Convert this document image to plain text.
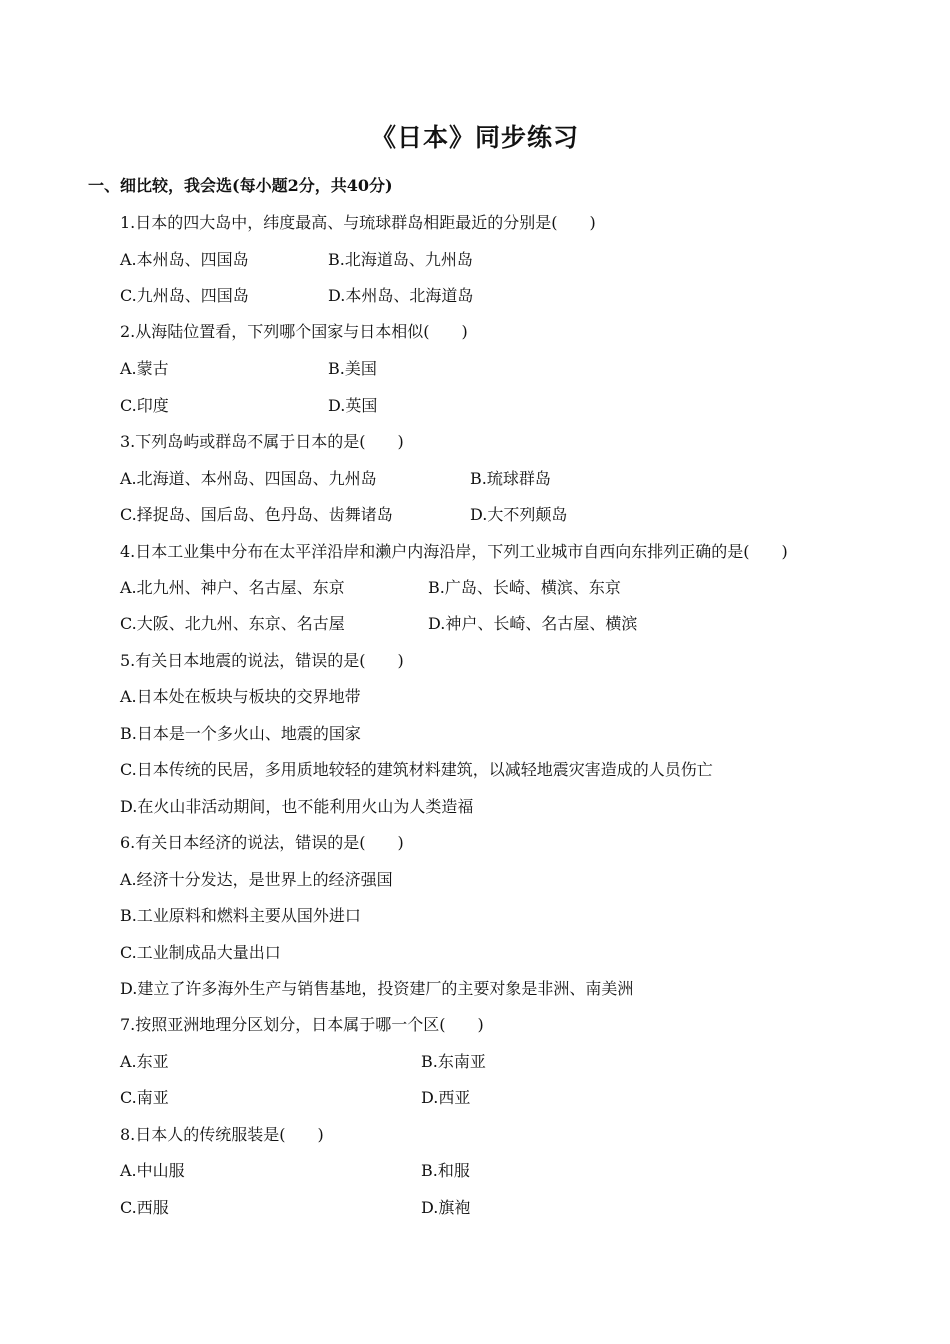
《日本》同步练习
一、细比较，我会选(每小题2分，共40分)
1.日本的四大岛中，纬度最高、与琉球群岛相距最近的分别是(　　)
A.本州岛、四国岛	B.北海道岛、九州岛
C.九州岛、四国岛	D.本州岛、北海道岛
2.从海陆位置看，下列哪个国家与日本相似(　　)
A.蒙古	B.美国
C.印度	D.英国
3.下列岛屿或群岛不属于日本的是(　　)
A.北海道、本州岛、四国岛、九州岛	B.琉球群岛
C.择捉岛、国后岛、色丹岛、齿舞诸岛	D.大不列颠岛
4.日本工业集中分布在太平洋沿岸和濑户内海沿岸，下列工业城市自西向东排列正确的是(　　)
A.北九州、神户、名古屋、东京	B.广岛、长崎、横滨、东京
C.大阪、北九州、东京、名古屋	D.神户、长崎、名古屋、横滨
5.有关日本地震的说法，错误的是(　　)
A.日本处在板块与板块的交界地带
B.日本是一个多火山、地震的国家
C.日本传统的民居，多用质地较轻的建筑材料建筑，以减轻地震灾害造成的人员伤亡
D.在火山非活动期间，也不能利用火山为人类造福
6.有关日本经济的说法，错误的是(　　)
A.经济十分发达，是世界上的经济强国
B.工业原料和燃料主要从国外进口
C.工业制成品大量出口
D.建立了许多海外生产与销售基地，投资建厂的主要对象是非洲、南美洲
7.按照亚洲地理分区划分，日本属于哪一个区(　　)
A.东亚	B.东南亚
C.南亚	D.西亚
8.日本人的传统服装是(　　)
A.中山服	B.和服
C.西服	D.旗袍
